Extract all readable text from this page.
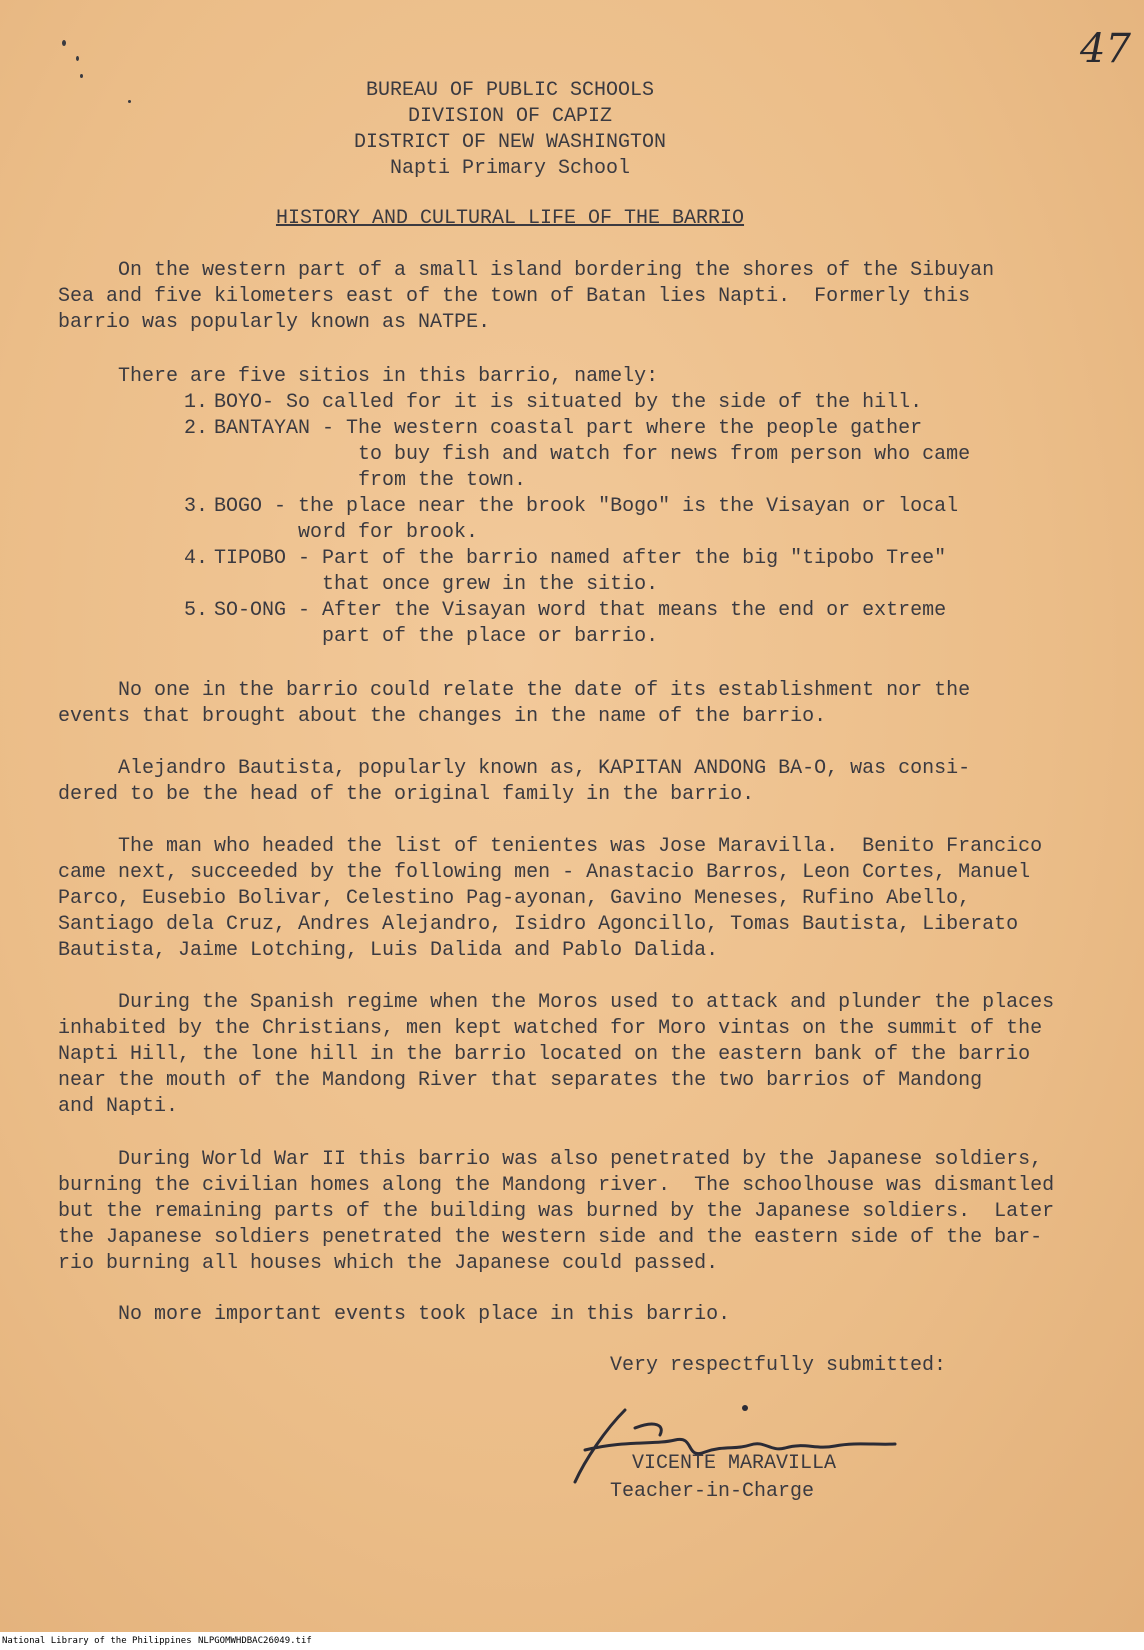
47
BUREAU OF PUBLIC SCHOOLS
DIVISION OF CAPIZ
DISTRICT OF NEW WASHINGTON
Napti Primary School
HISTORY AND CULTURAL LIFE OF THE BARRIO
On the western part of a small island bordering the shores of the Sibuyan
Sea and five kilometers east of the town of Batan lies Napti.  Formerly this
barrio was popularly known as NATPE.
There are five sitios in this barrio, namely:
1. BOYO- So called for it is situated by the side of the hill.
2. BANTAYAN - The western coastal part where the people gather
to buy fish and watch for news from person who came
from the town.
3. BOGO - the place near the brook "Bogo" is the Visayan or local
word for brook.
4. TIPOBO - Part of the barrio named after the big "tipobo Tree"
that once grew in the sitio.
5. SO-ONG - After the Visayan word that means the end or extreme
part of the place or barrio.
No one in the barrio could relate the date of its establishment nor the
events that brought about the changes in the name of the barrio.
Alejandro Bautista, popularly known as, KAPITAN ANDONG BA-O, was consi-
dered to be the head of the original family in the barrio.
The man who headed the list of tenientes was Jose Maravilla.  Benito Francico
came next, succeeded by the following men - Anastacio Barros, Leon Cortes, Manuel
Parco, Eusebio Bolivar, Celestino Pag-ayonan, Gavino Meneses, Rufino Abello,
Santiago dela Cruz, Andres Alejandro, Isidro Agoncillo, Tomas Bautista, Liberato
Bautista, Jaime Lotching, Luis Dalida and Pablo Dalida.
During the Spanish regime when the Moros used to attack and plunder the places
inhabited by the Christians, men kept watched for Moro vintas on the summit of the
Napti Hill, the lone hill in the barrio located on the eastern bank of the barrio
near the mouth of the Mandong River that separates the two barrios of Mandong
and Napti.
During World War II this barrio was also penetrated by the Japanese soldiers,
burning the civilian homes along the Mandong river.  The schoolhouse was dismantled
but the remaining parts of the building was burned by the Japanese soldiers.  Later
the Japanese soldiers penetrated the western side and the eastern side of the bar-
rio burning all houses which the Japanese could passed.
No more important events took place in this barrio.
Very respectfully submitted:
VICENTE MARAVILLA
Teacher-in-Charge
National Library of the Philippines NLPGOMWHDBAC26049.tif
